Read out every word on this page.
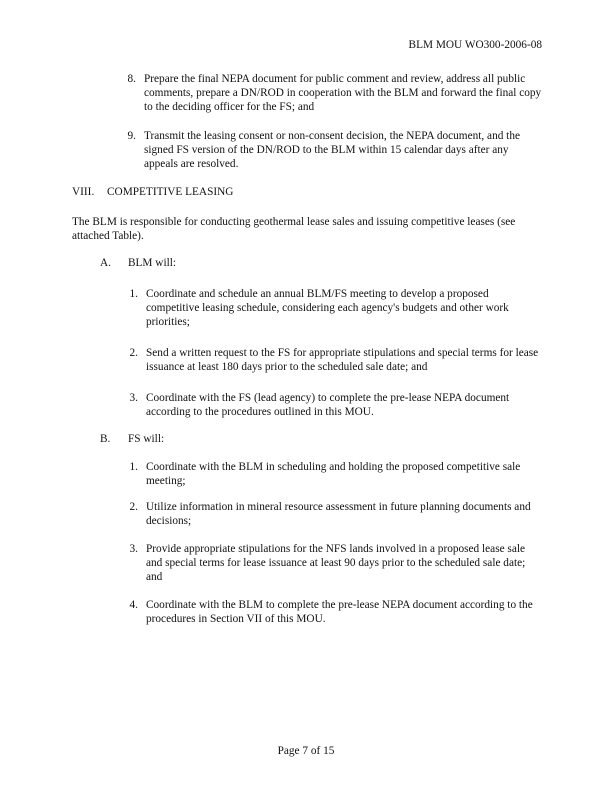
BLM MOU WO300-2006-08
8. Prepare the final NEPA document for public comment and review, address all public comments, prepare a DN/ROD in cooperation with the BLM and forward the final copy to the deciding officer for the FS; and
9. Transmit the leasing consent or non-consent decision, the NEPA document, and the signed FS version of the DN/ROD to the BLM within 15 calendar days after any appeals are resolved.
VIII. COMPETITIVE LEASING
The BLM is responsible for conducting geothermal lease sales and issuing competitive leases (see attached Table).
A. BLM will:
1. Coordinate and schedule an annual BLM/FS meeting to develop a proposed competitive leasing schedule, considering each agency's budgets and other work priorities;
2. Send a written request to the FS for appropriate stipulations and special terms for lease issuance at least 180 days prior to the scheduled sale date; and
3. Coordinate with the FS (lead agency) to complete the pre-lease NEPA document according to the procedures outlined in this MOU.
B. FS will:
1. Coordinate with the BLM in scheduling and holding the proposed competitive sale meeting;
2. Utilize information in mineral resource assessment in future planning documents and decisions;
3. Provide appropriate stipulations for the NFS lands involved in a proposed lease sale and special terms for lease issuance at least 90 days prior to the scheduled sale date; and
4. Coordinate with the BLM to complete the pre-lease NEPA document according to the procedures in Section VII of this MOU.
Page 7 of 15
